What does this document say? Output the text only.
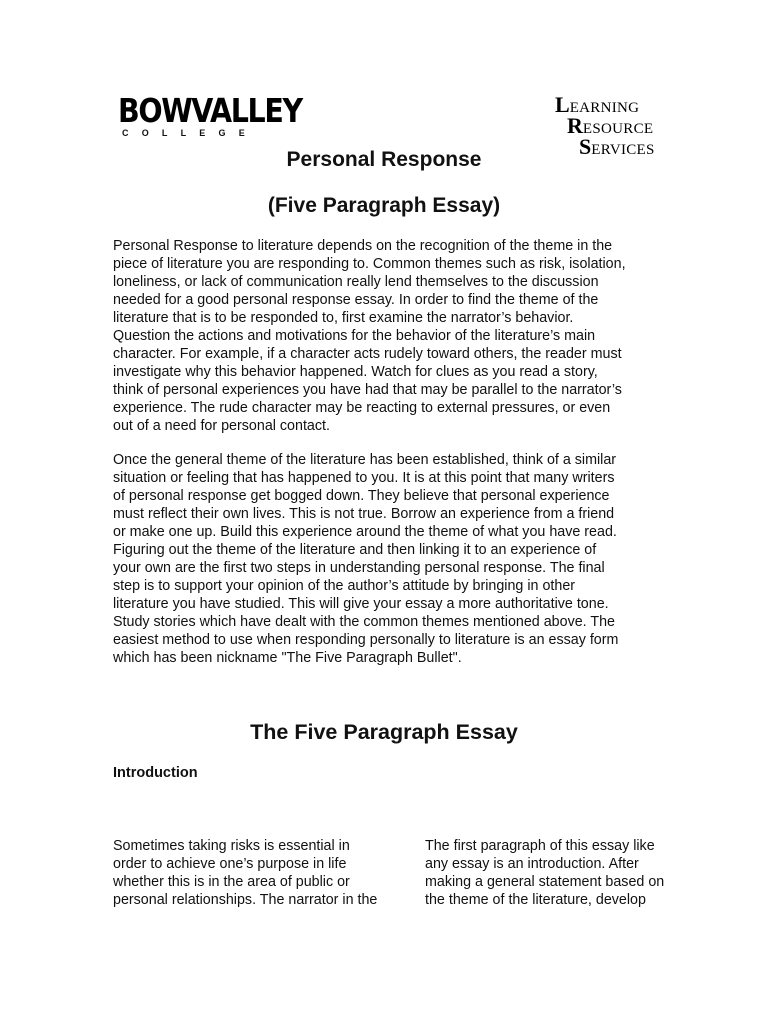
BOWVALLEY
COLLEGE
LEARNING
RESOURCE
SERVICES
Personal Response
(Five Paragraph Essay)
Personal Response to literature depends on the recognition of the theme in the
piece of literature you are responding to. Common themes such as risk, isolation,
loneliness, or lack of communication really lend themselves to the discussion
needed for a good personal response essay. In order to find the theme of the
literature that is to be responded to, first examine the narrator’s behavior.
Question the actions and motivations for the behavior of the literature’s main
character. For example, if a character acts rudely toward others, the reader must
investigate why this behavior happened. Watch for clues as you read a story,
think of personal experiences you have had that may be parallel to the narrator’s
experience. The rude character may be reacting to external pressures, or even
out of a need for personal contact.
Once the general theme of the literature has been established, think of a similar
situation or feeling that has happened to you. It is at this point that many writers
of personal response get bogged down. They believe that personal experience
must reflect their own lives. This is not true. Borrow an experience from a friend
or make one up. Build this experience around the theme of what you have read.
Figuring out the theme of the literature and then linking it to an experience of
your own are the first two steps in understanding personal response. The final
step is to support your opinion of the author’s attitude by bringing in other
literature you have studied. This will give your essay a more authoritative tone.
Study stories which have dealt with the common themes mentioned above. The
easiest method to use when responding personally to literature is an essay form
which has been nickname "The Five Paragraph Bullet".
The Five Paragraph Essay
Introduction
Sometimes taking risks is essential in
order to achieve one’s purpose in life
whether this is in the area of public or
personal relationships. The narrator in the
The first paragraph of this essay like
any essay is an introduction. After
making a general statement based on
the theme of the literature, develop
